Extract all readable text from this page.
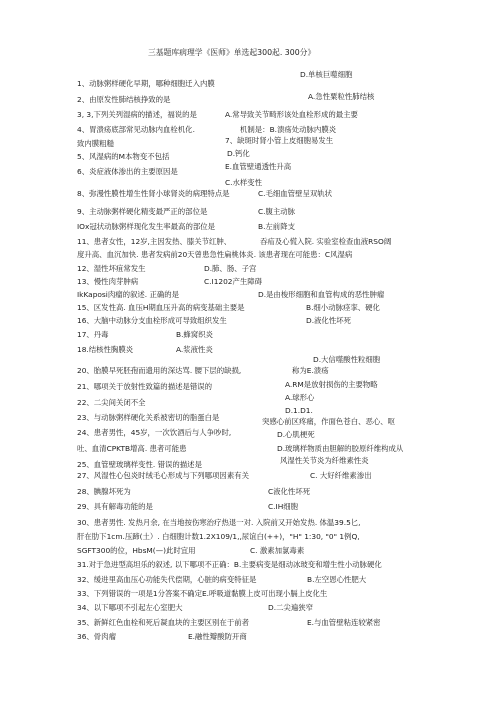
三基题库病理学《医师》单选起300起. 300分》
D.单核巨噬细胞
1、动脉粥样硬化早期，哪种细胞迁入内膜
A.急性粟粒性肺结核
2、由原发性肺结核挣致的是
3, 3,下列关列湿病的描述，福说的是	A.常导致关节畸形该处血栓形成的最主要
4、胃溃疡底部常见动脉内血栓机化.	机制是：B.溃疡处动脉内膜炎
致内膜粗糙	7、缺斑时肾小管上皮细胞易发生
5、风湿病的M本物变不包括	D.钙化
6、炎症液体渗出的主要原因是
E.血管壁通透性升高
C.水样变性
8、弥漫性膜性增生性肾小球肾炎的病理特点是	C.毛细血管壁呈双轨状
9、主动脉粥样硬化精变最严正的部位是	C.腹主动脉
IOx冠状动脉粥样现化发生率最高的部位是	B.左前降支
11、患者女性，12岁,主因发热、膝关节红肿、	吞疝及心慌入院. 实验室检查血液RSO阔
度升高、血沉加快. 患者发病前20天曾患急性扁桃体炎. 该患者现在可能患：C风湿病
12、湿性坏疽常发生	D.肺、肠、子宫
13、慢性肉芽肿病	C.I1202产生障碍
IkKaposi肉瘤的叙述. 正确的是	D.是由梭形细胞和血管构成的恶性肿瘤
15、区发性高. 血压H期血压升高的病变基础主要是	B.细小动脉痉挛、硬化
16、大脑中动脉分支血栓形成可导致组织发生	D.液化性坏死
17、丹毒	B.蜂窝织炎
18.结核性胸膜炎	A.浆液性炎
D.大信噬酸性粒细胞
20、胎膜早死胚孢而遗用的深达骂. 腰下层的缺损,	称为E.溃疡
A.RM是放射损伤的主要物略
21、哪项关于放射性致篇的描述是错误的
A.球形心
22、二尖间关闭不全
D.1.D1.
23、与动脉粥样硬化关系被密切的脂蛋白是	突感心前区疼痛，作面色苍白、恶心、呕
24、患者男性，45岁，一次饮酒后与人争吵时,	D.心肌梗死
吐、血清CPKTB增高. 患者可能患	D.玻璃样物质由胆解的胶原纤维构成从
风湿性关节炎为纤维素性炎
25、血管壁玻璃样变性. 错误的描述是
27、风湿性心包炎时绒毛心形成与下列哪项因素有关	C. 大好纤维素渗出
28、腆腺坏死为	C液化性坏死
29、具有解毒功能的是	C.IH细胞
30、患者男性. 发热月余, 在当地按伤寒治疗热退一对. 入院前又开始发热. 体温39.5匕,
肝在肋下1cm.压蹄(土）. 白细胞计数1.2X109/1,,尿谊白(++)，"H" 1:30, "0" 1例Q,
SGFT300的位，HbsM(—)此时宜用	C. 激素加氯毒素
31.对于急进型高坦乐的叙述, 以下哪项不正确：B.主要病变是细动冰玻变和增生性小动脉硬化
32、缓进里高血压心功能失代偿期，心脏的病变特征是	B.左空恩心性肥大
33、下列错误的一项是1分答案不确定E.呼吸道黏膜上皮可出现小膈上皮化生
34、以下哪项不引起左心室肥大	D.二尖遍狭窄
35、新鲜红色血栓和死后凝血块的主要区别在于前者	E.与血管壁粘连较紧密
36、骨肉瘤	E.融性瓣酸防开商
